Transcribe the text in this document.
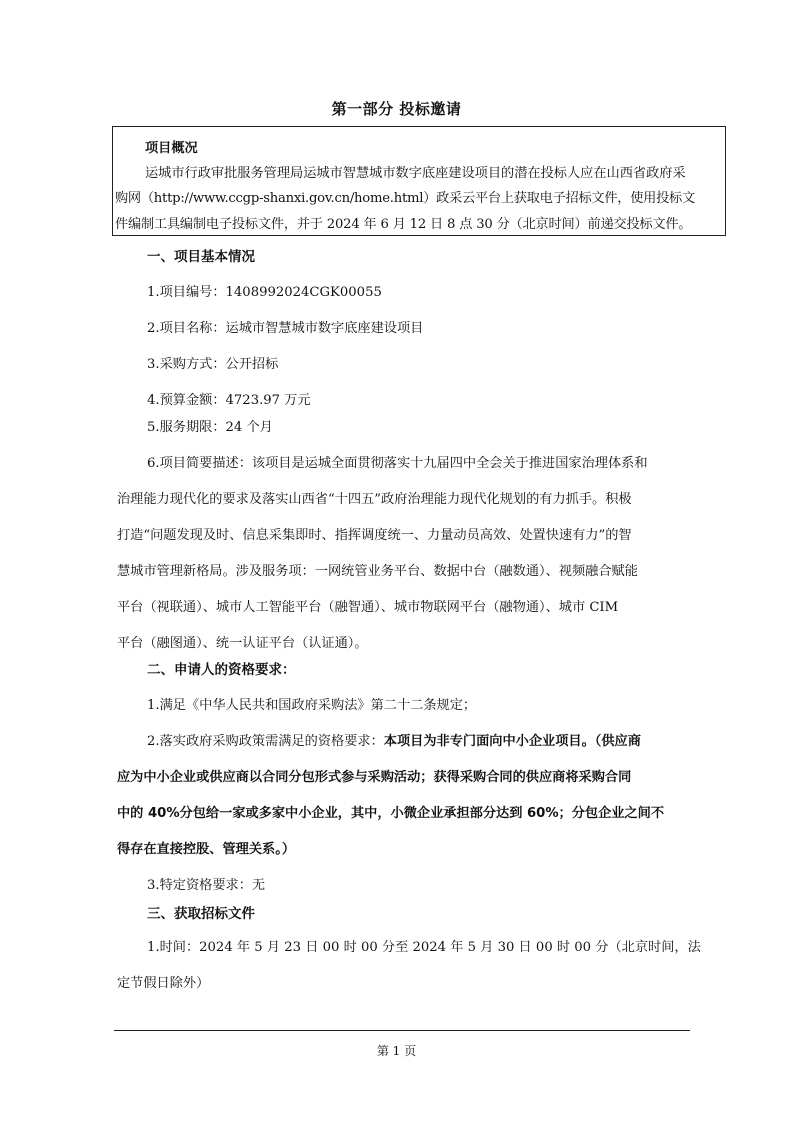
第一部分 投标邀请
项目概况
运城市行政审批服务管理局运城市智慧城市数字底座建设项目的潜在投标人应在山西省政府采
购网（http://www.ccgp-shanxi.gov.cn/home.html）政采云平台上获取电子招标文件，使用投标文
件编制工具编制电子投标文件，并于 2024 年 6 月 12 日 8 点 30 分（北京时间）前递交投标文件。
一、项目基本情况
1.项目编号：1408992024CGK00055
2.项目名称：运城市智慧城市数字底座建设项目
3.采购方式：公开招标
4.预算金额：4723.97 万元
5.服务期限：24 个月
6.项目简要描述：该项目是运城全面贯彻落实十九届四中全会关于推进国家治理体系和
治理能力现代化的要求及落实山西省“十四五”政府治理能力现代化规划的有力抓手。积极
打造“问题发现及时、信息采集即时、指挥调度统一、力量动员高效、处置快速有力”的智
慧城市管理新格局。涉及服务项：一网统管业务平台、数据中台（融数通）、视频融合赋能
平台（视联通）、城市人工智能平台（融智通）、城市物联网平台（融物通）、城市 CIM
平台（融图通）、统一认证平台（认证通）。
二、申请人的资格要求：
1.满足《中华人民共和国政府采购法》第二十二条规定；
2.落实政府采购政策需满足的资格要求：本项目为非专门面向中小企业项目。（供应商
应为中小企业或供应商以合同分包形式参与采购活动；获得采购合同的供应商将采购合同
中的 40%分包给一家或多家中小企业，其中，小微企业承担部分达到 60%；分包企业之间不
得存在直接控股、管理关系。）
3.特定资格要求：无
三、获取招标文件
1.时间：2024 年 5 月 23 日 00 时 00 分至 2024 年 5 月 30 日 00 时 00 分（北京时间，法
定节假日除外）
第 1 页
